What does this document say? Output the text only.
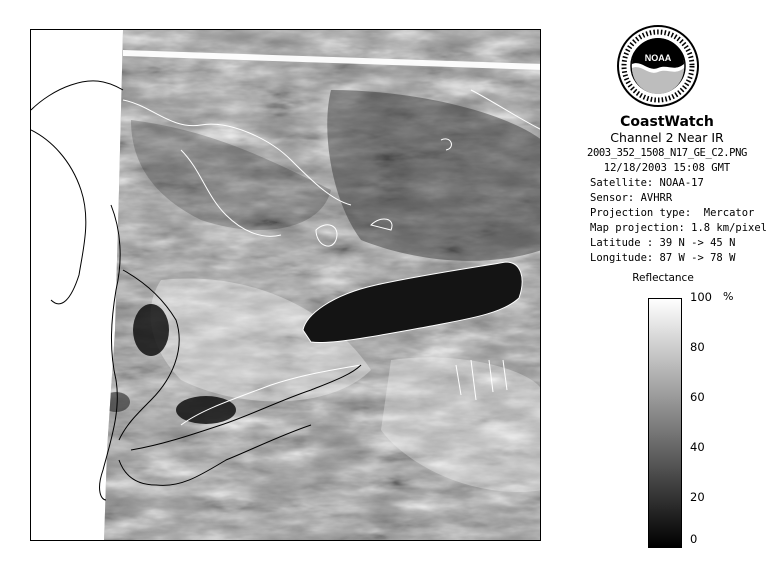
NOAA
CoastWatch
Channel 2 Near IR
2003_352_1508_N17_GE_C2.PNG
12/18/2003 15:08 GMT
Satellite: NOAA-17
Sensor: AVHRR
Projection type:  Mercator
Map projection: 1.8 km/pixel
Latitude : 39 N -> 45 N
Longitude: 87 W -> 78 W
Reflectance
%
100
80
60
40
20
0
